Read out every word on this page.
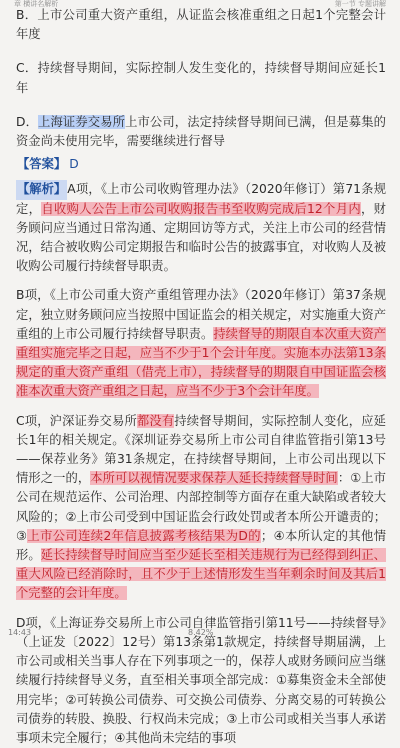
章 横讲名解析	第一节 专题讲解

B．上市公司重大资产重组，从证监会核准重组之日起1个完整会计年度

C．持续督导期间，实际控制人发生变化的，持续督导期间应延长1年

D．上海证券交易所上市公司，法定持续督导期间已满，但是募集的资金尚未使用完毕，需要继续进行督导

【答案】 D

【解析】A项，《上市公司收购管理办法》（2020年修订）第71条规定，自收购人公告上市公司收购报告书至收购完成后12个月内，财务顾问应当通过日常沟通、定期回访等方式，关注上市公司的经营情况，结合被收购公司定期报告和临时公告的披露事宜，对收购人及被收购公司履行持续督导职责。

B项，《上市公司重大资产重组管理办法》（2020年修订）第37条规定，独立财务顾问应当按照中国证监会的相关规定，对实施重大资产重组的上市公司履行持续督导职责。持续督导的期限自本次重大资产重组实施完毕之日起，应当不少于1个会计年度。实施本办法第13条规定的重大资产重组（借壳上市），持续督导的期限自中国证监会核准本次重大资产重组之日起，应当不少于3个会计年度。

C项，沪深证券交易所都没有持续督导期间，实际控制人变化，应延长1年的相关规定。《深圳证券交易所上市公司自律监管指引第13号——保荐业务》第31条规定，在持续督导期间，上市公司出现以下情形之一的，本所可以视情况要求保荐人延长持续督导时间：①上市公司在规范运作、公司治理、内部控制等方面存在重大缺陷或者较大风险的；②上市公司受到中国证监会行政处罚或者本所公开谴责的；③上市公司连续2年信息披露考核结果为D的；④本所认定的其他情形。延长持续督导时间应当至少延长至相关违规行为已经得到纠正、重大风险已经消除时，且不少于上述情形发生当年剩余时间及其后1个完整的会计年度。

D项，《上海证券交易所上市公司自律监管指引第11号——持续督导》（上证发〔2022〕12号）第13条第1款规定，持续督导期届满，上市公司或相关当事人存在下列事项之一的，保荐人或财务顾问应当继续履行持续督导义务，直至相关事项全部完成：①募集资金未全部使用完毕；②可转换公司债券、可交换公司债券、分离交易的可转换公司债券的转股、换股、行权尚未完成；③上市公司或相关当事人承诺事项未完全履行；④其他尚未完结的事项

14:43	8.42%
